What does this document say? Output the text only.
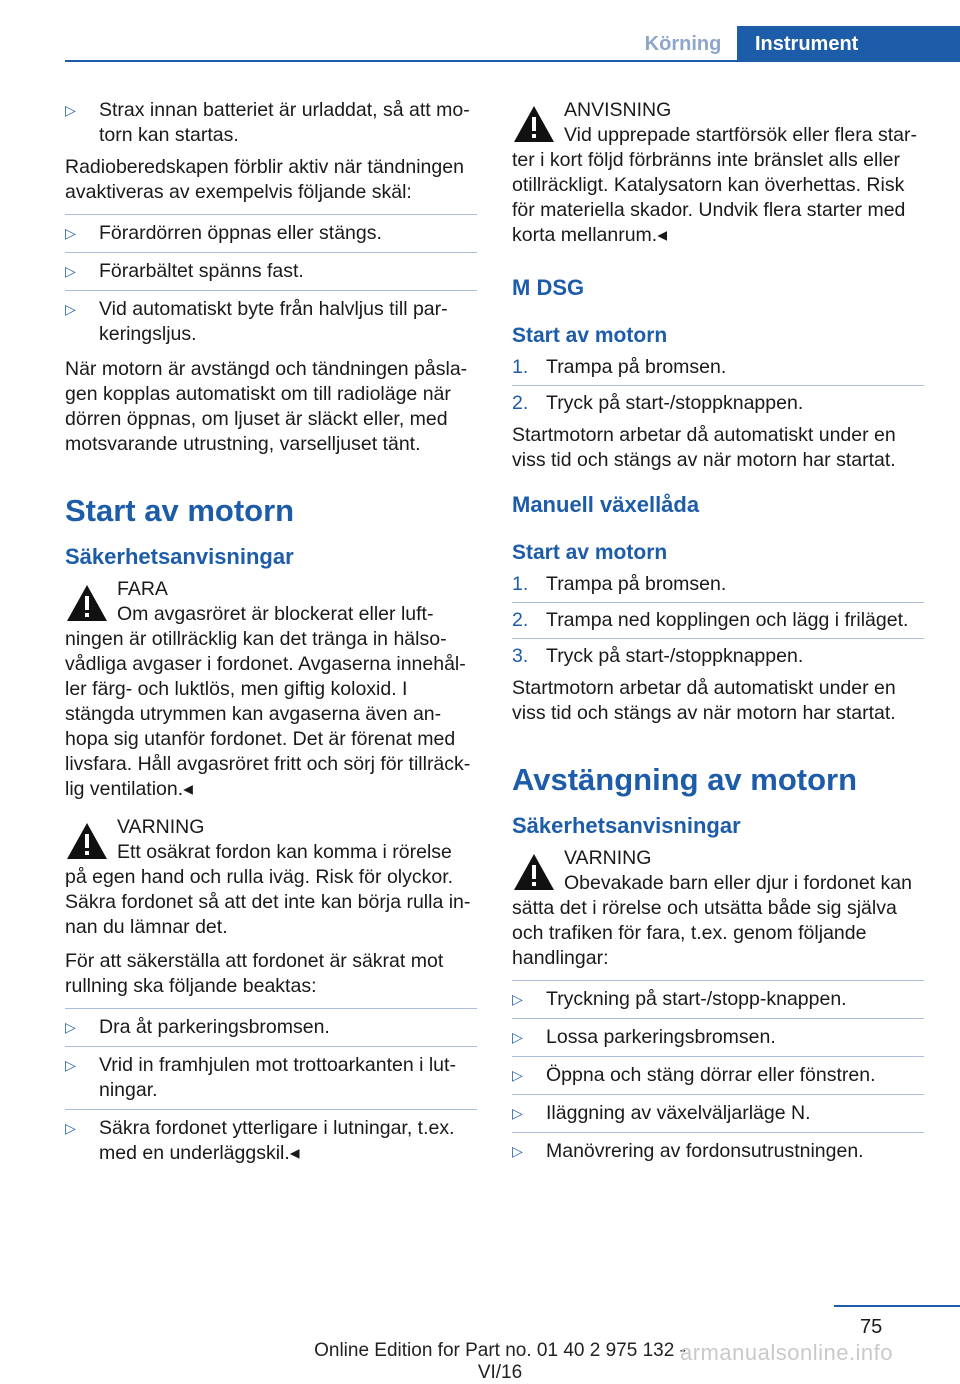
Körning	Instrument
▷ Strax innan batteriet är urladdat, så att motorn kan startas.

Radioberedskapen förblir aktiv när tändningen avaktiveras av exempelvis följande skäl:

▷ Förardörren öppnas eller stängs.
▷ Förarbältet spänns fast.
▷ Vid automatiskt byte från halvljus till parkeringsljus.

När motorn är avstängd och tändningen påslagen kopplas automatiskt om till radioläge när dörren öppnas, om ljuset är släckt eller, med motsvarande utrustning, varselljuset tänt.

Start av motorn
Säkerhetsanvisningar
FARA

Om avgasröret är blockerat eller luftningen är otillräcklig kan det tränga in hälsovådliga avgaser i fordonet. Avgaserna innehåller färg- och luktlös, men giftig koloxid. I stängda utrymmen kan avgaserna även anhopa sig utanför fordonet. Det är förenat med livsfara. Håll avgasröret fritt och sörj för tillräcklig ventilation.◂

VARNING

Ett osäkrat fordon kan komma i rörelse på egen hand och rulla iväg. Risk för olyckor. Säkra fordonet så att det inte kan börja rulla innan du lämnar det.

För att säkerställa att fordonet är säkrat mot rullning ska följande beaktas:

▷ Dra åt parkeringsbromsen.
▷ Vrid in framhjulen mot trottoarkanten i lutningar.
▷ Säkra fordonet ytterligare i lutningar, t.ex. med en underläggskil.◂
ANVISNING

Vid upprepade startförsök eller flera starter i kort följd förbränns inte bränslet alls eller otillräckligt. Katalysatorn kan överhettas. Risk för materiella skador. Undvik flera starter med korta mellanrum.◂

M DSG
Start av motorn
1. Trampa på bromsen.
2. Tryck på start-/stoppknappen.

Startmotorn arbetar då automatiskt under en viss tid och stängs av när motorn har startat.

Manuell växellåda
Start av motorn
1. Trampa på bromsen.
2. Trampa ned kopplingen och lägg i friläget.
3. Tryck på start-/stoppknappen.

Startmotorn arbetar då automatiskt under en viss tid och stängs av när motorn har startat.

Avstängning av motorn
Säkerhetsanvisningar
VARNING

Obevakade barn eller djur i fordonet kan sätta det i rörelse och utsätta både sig själva och trafiken för fara, t.ex. genom följande handlingar:

▷ Tryckning på start-/stopp-knappen.
▷ Lossa parkeringsbromsen.
▷ Öppna och stäng dörrar eller fönstren.
▷ Iläggning av växelväljarläge N.
▷ Manövrering av fordonsutrustningen.
75
Online Edition for Part no. 01 40 2 975 132 - VI/16
armanualsonline.info
